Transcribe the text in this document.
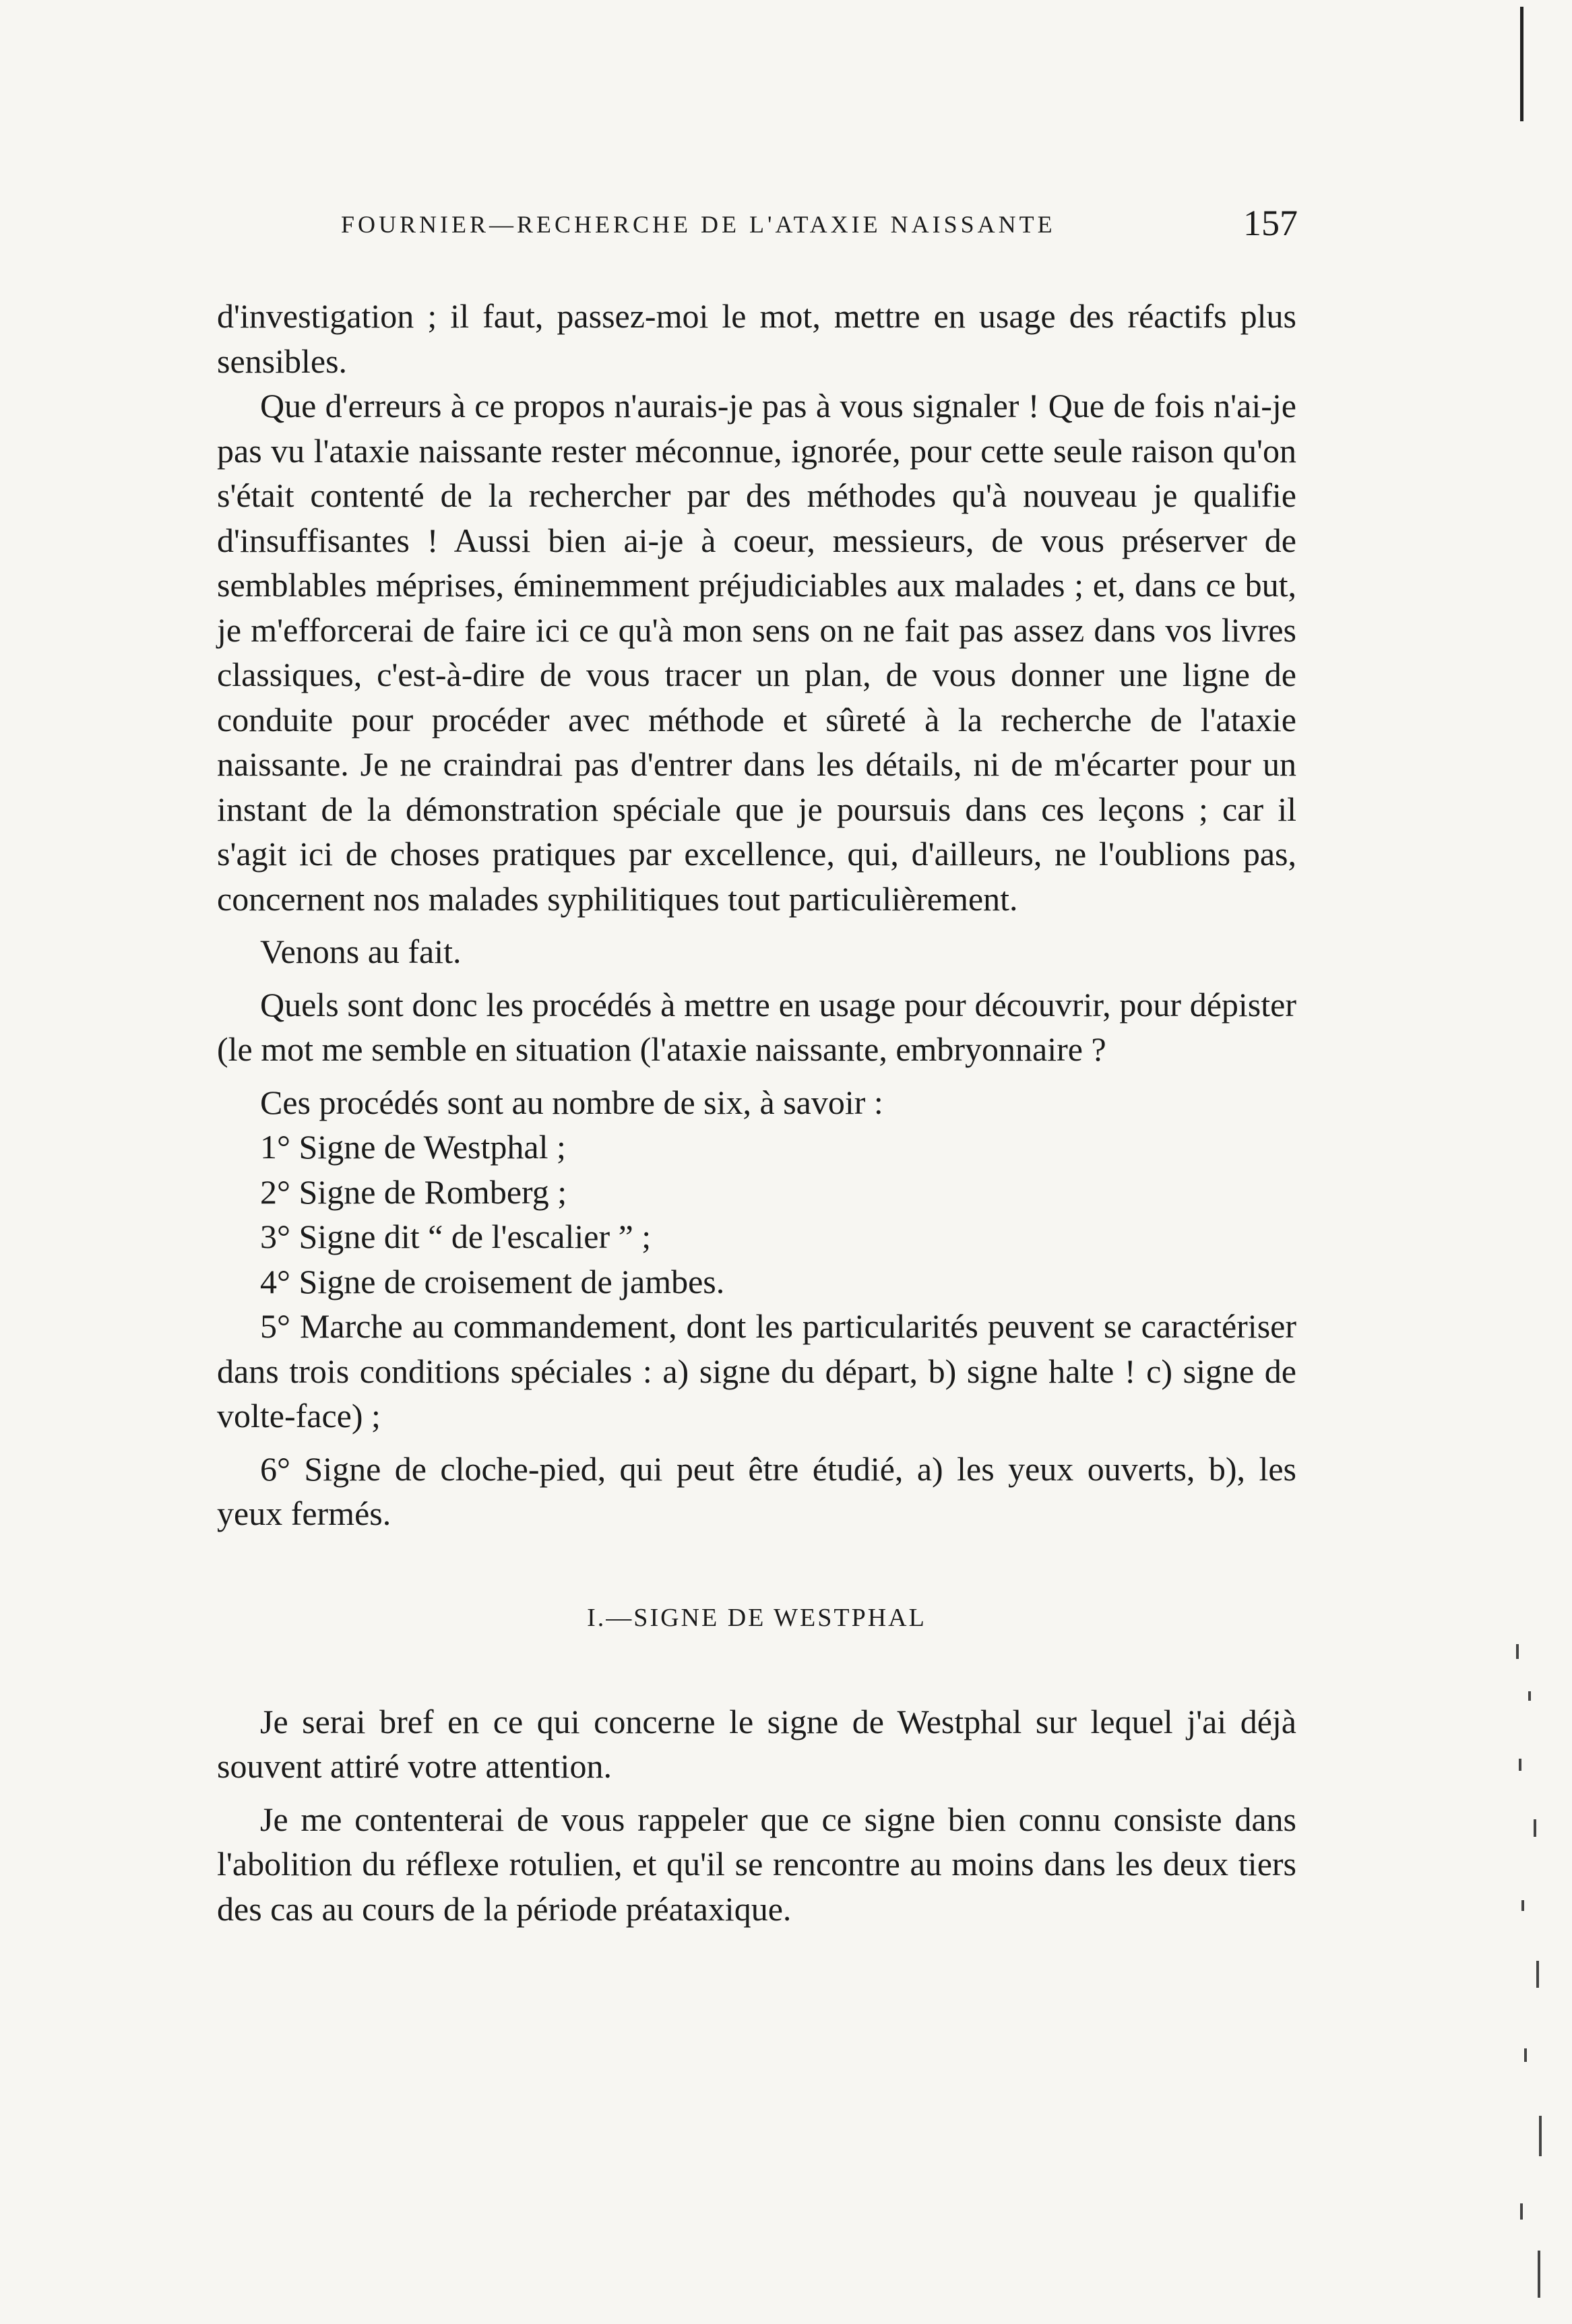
FOURNIER—RECHERCHE DE L'ATAXIE NAISSANTE	157

d'investigation ; il faut, passez-moi le mot, mettre en usage des réactifs plus sensibles.

Que d'erreurs à ce propos n'aurais-je pas à vous signaler ! Que de fois n'ai-je pas vu l'ataxie naissante rester méconnue, ignorée, pour cette seule raison qu'on s'était contenté de la rechercher par des méthodes qu'à nouveau je qualifie d'insuffisantes ! Aussi bien ai-je à coeur, messieurs, de vous préserver de semblables méprises, éminemment préjudiciables aux malades ; et, dans ce but, je m'efforcerai de faire ici ce qu'à mon sens on ne fait pas assez dans vos livres classiques, c'est-à-dire de vous tracer un plan, de vous donner une ligne de conduite pour procéder avec méthode et sûreté à la recherche de l'ataxie naissante. Je ne craindrai pas d'entrer dans les détails, ni de m'écarter pour un instant de la démonstration spéciale que je poursuis dans ces leçons ; car il s'agit ici de choses pratiques par excellence, qui, d'ailleurs, ne l'oublions pas, concernent nos malades syphilitiques tout particulièrement.

Venons au fait.

Quels sont donc les procédés à mettre en usage pour découvrir, pour dépister (le mot me semble en situation (l'ataxie naissante, embryonnaire ?

Ces procédés sont au nombre de six, à savoir :

1° Signe de Westphal ;

2° Signe de Romberg ;

3° Signe dit “ de l'escalier ” ;

4° Signe de croisement de jambes.

5° Marche au commandement, dont les particularités peuvent se caractériser dans trois conditions spéciales : a) signe du départ, b) signe halte ! c) signe de volte-face) ;

6° Signe de cloche-pied, qui peut être étudié, a) les yeux ouverts, b), les yeux fermés.

I.—SIGNE DE WESTPHAL

Je serai bref en ce qui concerne le signe de Westphal sur lequel j'ai déjà souvent attiré votre attention.

Je me contenterai de vous rappeler que ce signe bien connu consiste dans l'abolition du réflexe rotulien, et qu'il se rencontre au moins dans les deux tiers des cas au cours de la période préataxique.
